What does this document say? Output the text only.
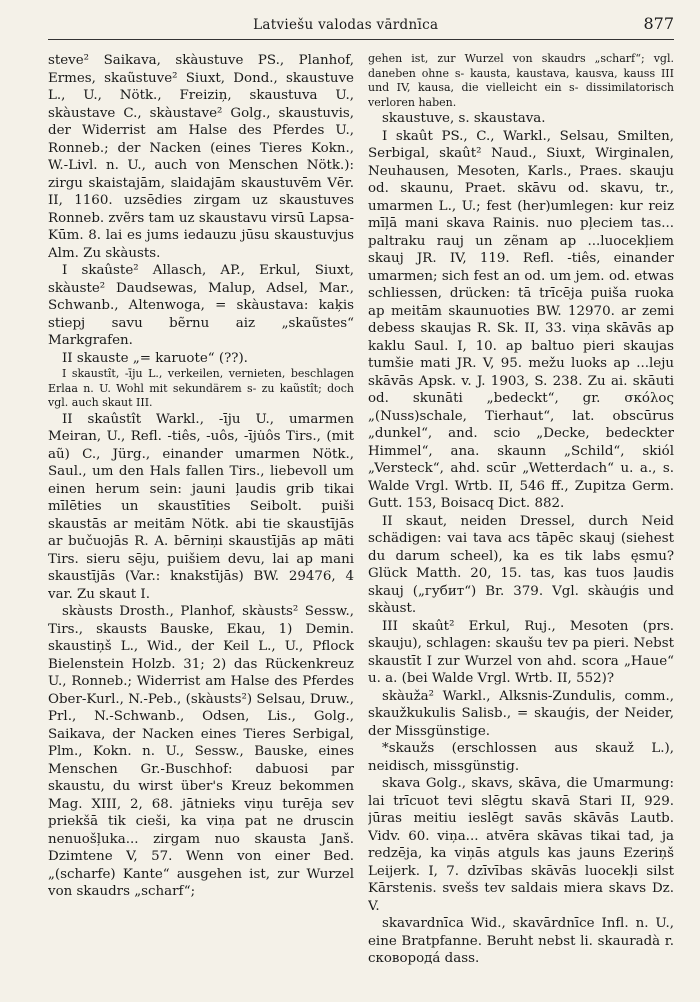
Latviešu valodas vārdnīca	877

steve² Saikava, skàustuve PS., Planhof, Ermes, skaũstuve² Siuxt, Dond., skaustuve L., U., Nötk., Freiziņ, skaustuva U., skàustave C., skàustave² Golg., skaustuvis, der Widerrist am Halse des Pferdes U., Ronneb.; der Nacken (eines Tieres Kokn., W.-Livl. n. U., auch von Menschen Nötk.): zirgu skaistajām, slaidajām skaustuvēm Vēr. II, 1160. uzsēdies zirgam uz skaustuves Ronneb. zvẽrs tam uz skaustavu virsū Lapsa-Kūm. 8. lai es jums iedauzu jūsu skaustuvjus Alm. Zu skàusts.

I skaûste² Allasch, AP., Erkul, Siuxt, skàuste² Daudsewas, Malup, Adsel, Mar., Schwanb., Altenwoga, = skàustava: kaķis stiepj savu bẽrnu aiz „skaũstes“ Markgrafen.

II skauste „= karuote“ (??).

I skaustît, -īju L., verkeilen, vernieten, beschlagen Erlaa n. U. Wohl mit sekundärem s- zu kaũstît; doch vgl. auch skaut III.

II skaûstît Warkl., -īju U., umarmen Meiran, U., Refl. -tiês, -uôs, -īju̇ôs Tirs., (mit aũ) C., Jürg., einander umarmen Nötk., Saul., um den Hals fallen Tirs., liebevoll um einen herum sein: jauni ļaudis grib tikai mīlēties un skaustīties Seibolt. puiši skaustās ar meitām Nötk. abi tie skaustījās ar bučuojās R. A. bērniņi skaustījās ap māti Tirs. sieru sēju, puišiem devu, lai ap mani skaustījās (Var.: knakstījās) BW. 29476, 4 var. Zu skaut I.

skàusts Drosth., Planhof, skàusts² Sessw., Tirs., skausts Bauske, Ekau, 1) Demin. skaustiņš L., Wid., der Keil L., U., Pflock Bielenstein Holzb. 31; 2) das Rückenkreuz U., Ronneb.; Widerrist am Halse des Pferdes Ober-Kurl., N.-Peb., (skàusts²) Selsau, Druw., Prl., N.-Schwanb., Odsen, Lis., Golg., Saikava, der Nacken eines Tieres Serbigal, Plm., Kokn. n. U., Sessw., Bauske, eines Menschen Gr.-Buschhof: dabuosi par skaustu, du wirst über's Kreuz bekommen Mag. XIII, 2, 68. jātnieks viņu turēja sev priekšā tik cieši, ka viņa pat ne druscin nenuošļuka... zirgam nuo skausta Janš. Dzimtene V, 57. Wenn von einer Bed. „(scharfe) Kante“ ausgehen ist, zur Wurzel von skaudrs „scharf“;

gehen ist, zur Wurzel von skaudrs „scharf“; vgl. daneben ohne s- kausta, kaustava, kausva, kauss III und IV, kausa, die vielleicht ein s- dissimilatorisch verloren haben.

skaustuve, s. skaustava.

I skaût PS., C., Warkl., Selsau, Smilten, Serbigal, skaût² Naud., Siuxt, Wirginalen, Neuhausen, Mesoten, Karls., Praes. skauju od. skaunu, Praet. skāvu od. skavu, tr., umarmen L., U.; fest (her)umlegen: kur reiz mīļā mani skava Rainis. nuo pļeciem tas... paltraku rauj un zẽnam ap ...luocekļiem skauj JR. IV, 119. Refl. -tiês, einander umarmen; sich fest an od. um jem. od. etwas schliessen, drücken: tā trīcēja puiša ruoka ap meitām skaunuoties BW. 12970. ar zemi debess skaujas R. Sk. II, 33. viņa skāvās ap kaklu Saul. I, 10. ap baltuo pieri skaujas tumšie mati JR. V, 95. mežu luoks ap ...leju skāvās Apsk. v. J. 1903, S. 238. Zu ai. skāuti od. skunāti „bedeckt“, gr. σκόλος „(Nuss)schale, Tierhaut“, lat. obscūrus „dunkel“, and. scio „Decke, bedeckter Himmel“, ana. skaunn „Schild“, skiól „Versteck“, ahd. scūr „Wetterdach“ u. a., s. Walde Vrgl. Wrtb. II, 546 ff., Zupitza Germ. Gutt. 153, Boisacq Dict. 882.

II skaut, neiden Dressel, durch Neid schädigen: vai tava acs tāpēc skauj (siehest du darum scheel), ka es tik labs ęsmu? Glück Matth. 20, 15. tas, kas tuos ļaudis skauj („губит“) Br. 379. Vgl. skàuģis und skàust.

III skaût² Erkul, Ruj., Mesoten (prs. skauju), schlagen: skaušu tev pa pieri. Nebst skaustīt I zur Wurzel von ahd. scora „Haue“ u. a. (bei Walde Vrgl. Wrtb. II, 552)?

skàuža² Warkl., Alksnis-Zundulis, comm., skaužkukulis Salisb., = skauģis, der Neider, der Missgünstige.

*skaužs (erschlossen aus skauž L.), neidisch, missgünstig.

skava Golg., skavs, skāva, die Umarmung: lai trīcuot tevi slēgtu skavā Stari II, 929. jūras meitiu ieslēgt savās skāvās Lautb. Vidv. 60. viņa... atvēra skāvas tikai tad, ja redzēja, ka viņās atguls kas jauns Ezeriņš Leijerk. I, 7. dzīvības skāvās luocekļi silst Kārstenis. svešs tev saldais miera skavs Dz. V.

skavardnīca Wid., skavārdnīce Infl. n. U., eine Bratpfanne. Beruht nebst li. skauradà r. сковородá dass.
